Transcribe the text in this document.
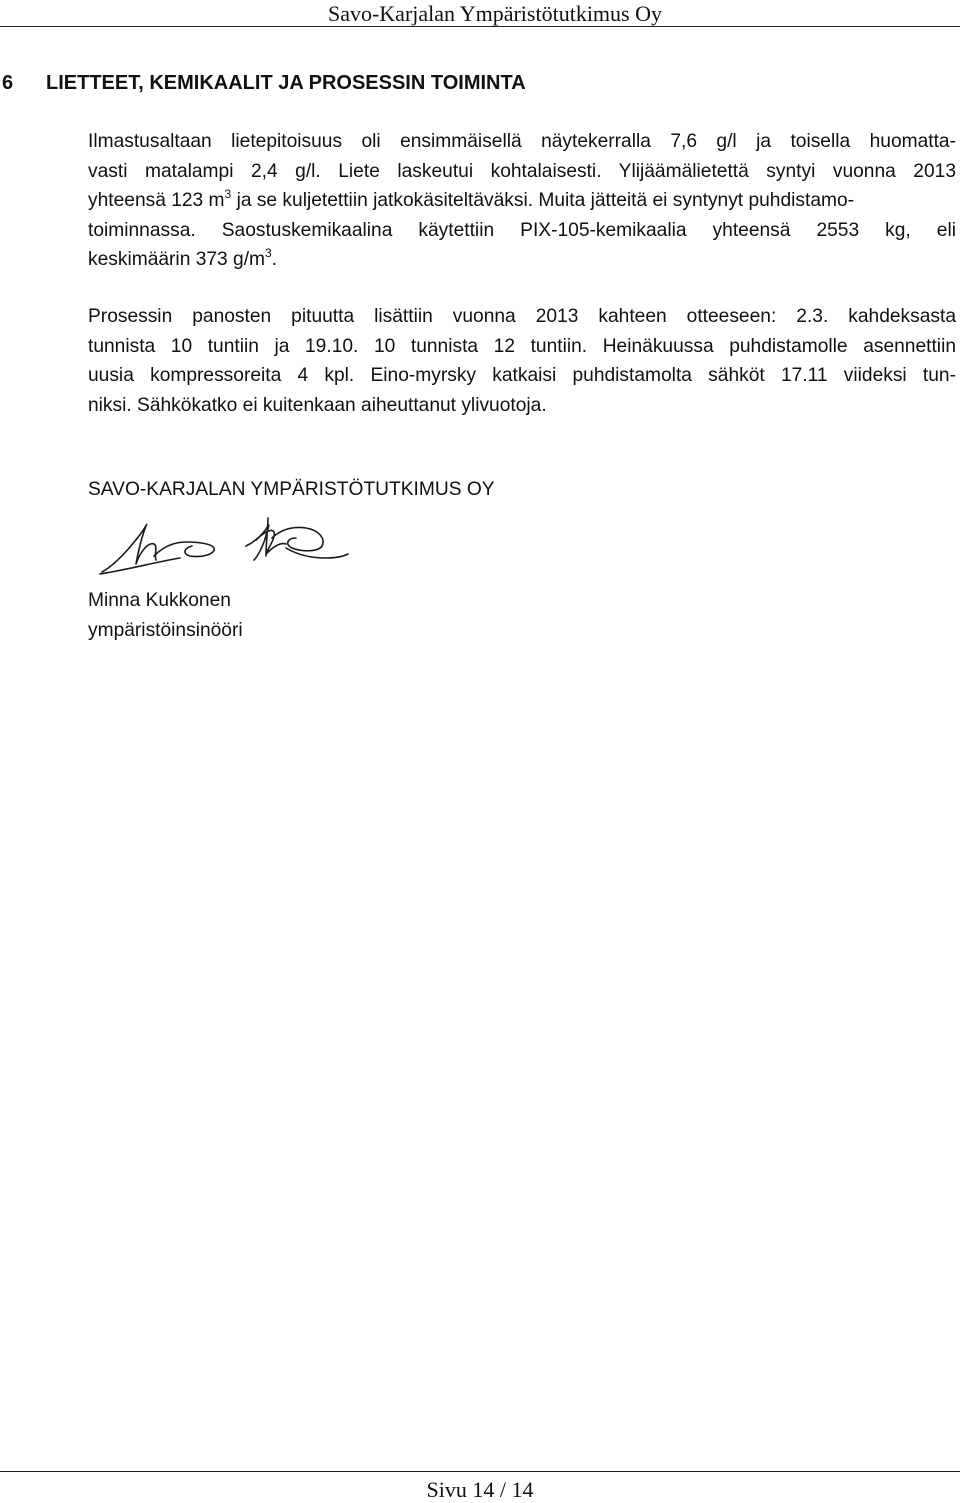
Savo-Karjalan Ympäristötutkimus Oy
6 LIETTEET, KEMIKAALIT JA PROSESSIN TOIMINTA
Ilmastusaltaan lietepitoisuus oli ensimmäisellä näytekerralla 7,6 g/l ja toisella huomatta-
vasti matalampi 2,4 g/l. Liete laskeutui kohtalaisesti. Ylijäämälietettä syntyi vuonna 2013
yhteensä 123 $m^3$ ja se kuljetettiin jatkokäsiteltäväksi. Muita jätteitä ei syntynyt puhdistamo-
toiminnassa. Saostuskemikaalina käytettiin PIX-105-kemikaalia yhteensä 2553 kg, eli
keskimäärin 373 $g/m^3$.
Prosessin panosten pituutta lisättiin vuonna 2013 kahteen otteeseen: 2.3. kahdeksasta
tunnista 10 tuntiin ja 19.10. 10 tunnista 12 tuntiin. Heinäkuussa puhdistamolle asennettiin
uusia kompressoreita 4 kpl. Eino-myrsky katkaisi puhdistamolta sähköt 17.11 viideksi tun-
niksi. Sähkökatko ei kuitenkaan aiheuttanut ylivuotoja.
SAVO-KARJALAN YMPÄRISTÖTUTKIMUS OY
Minna Kukkonen
ympäristöinsinööri
Sivu 14 / 14
